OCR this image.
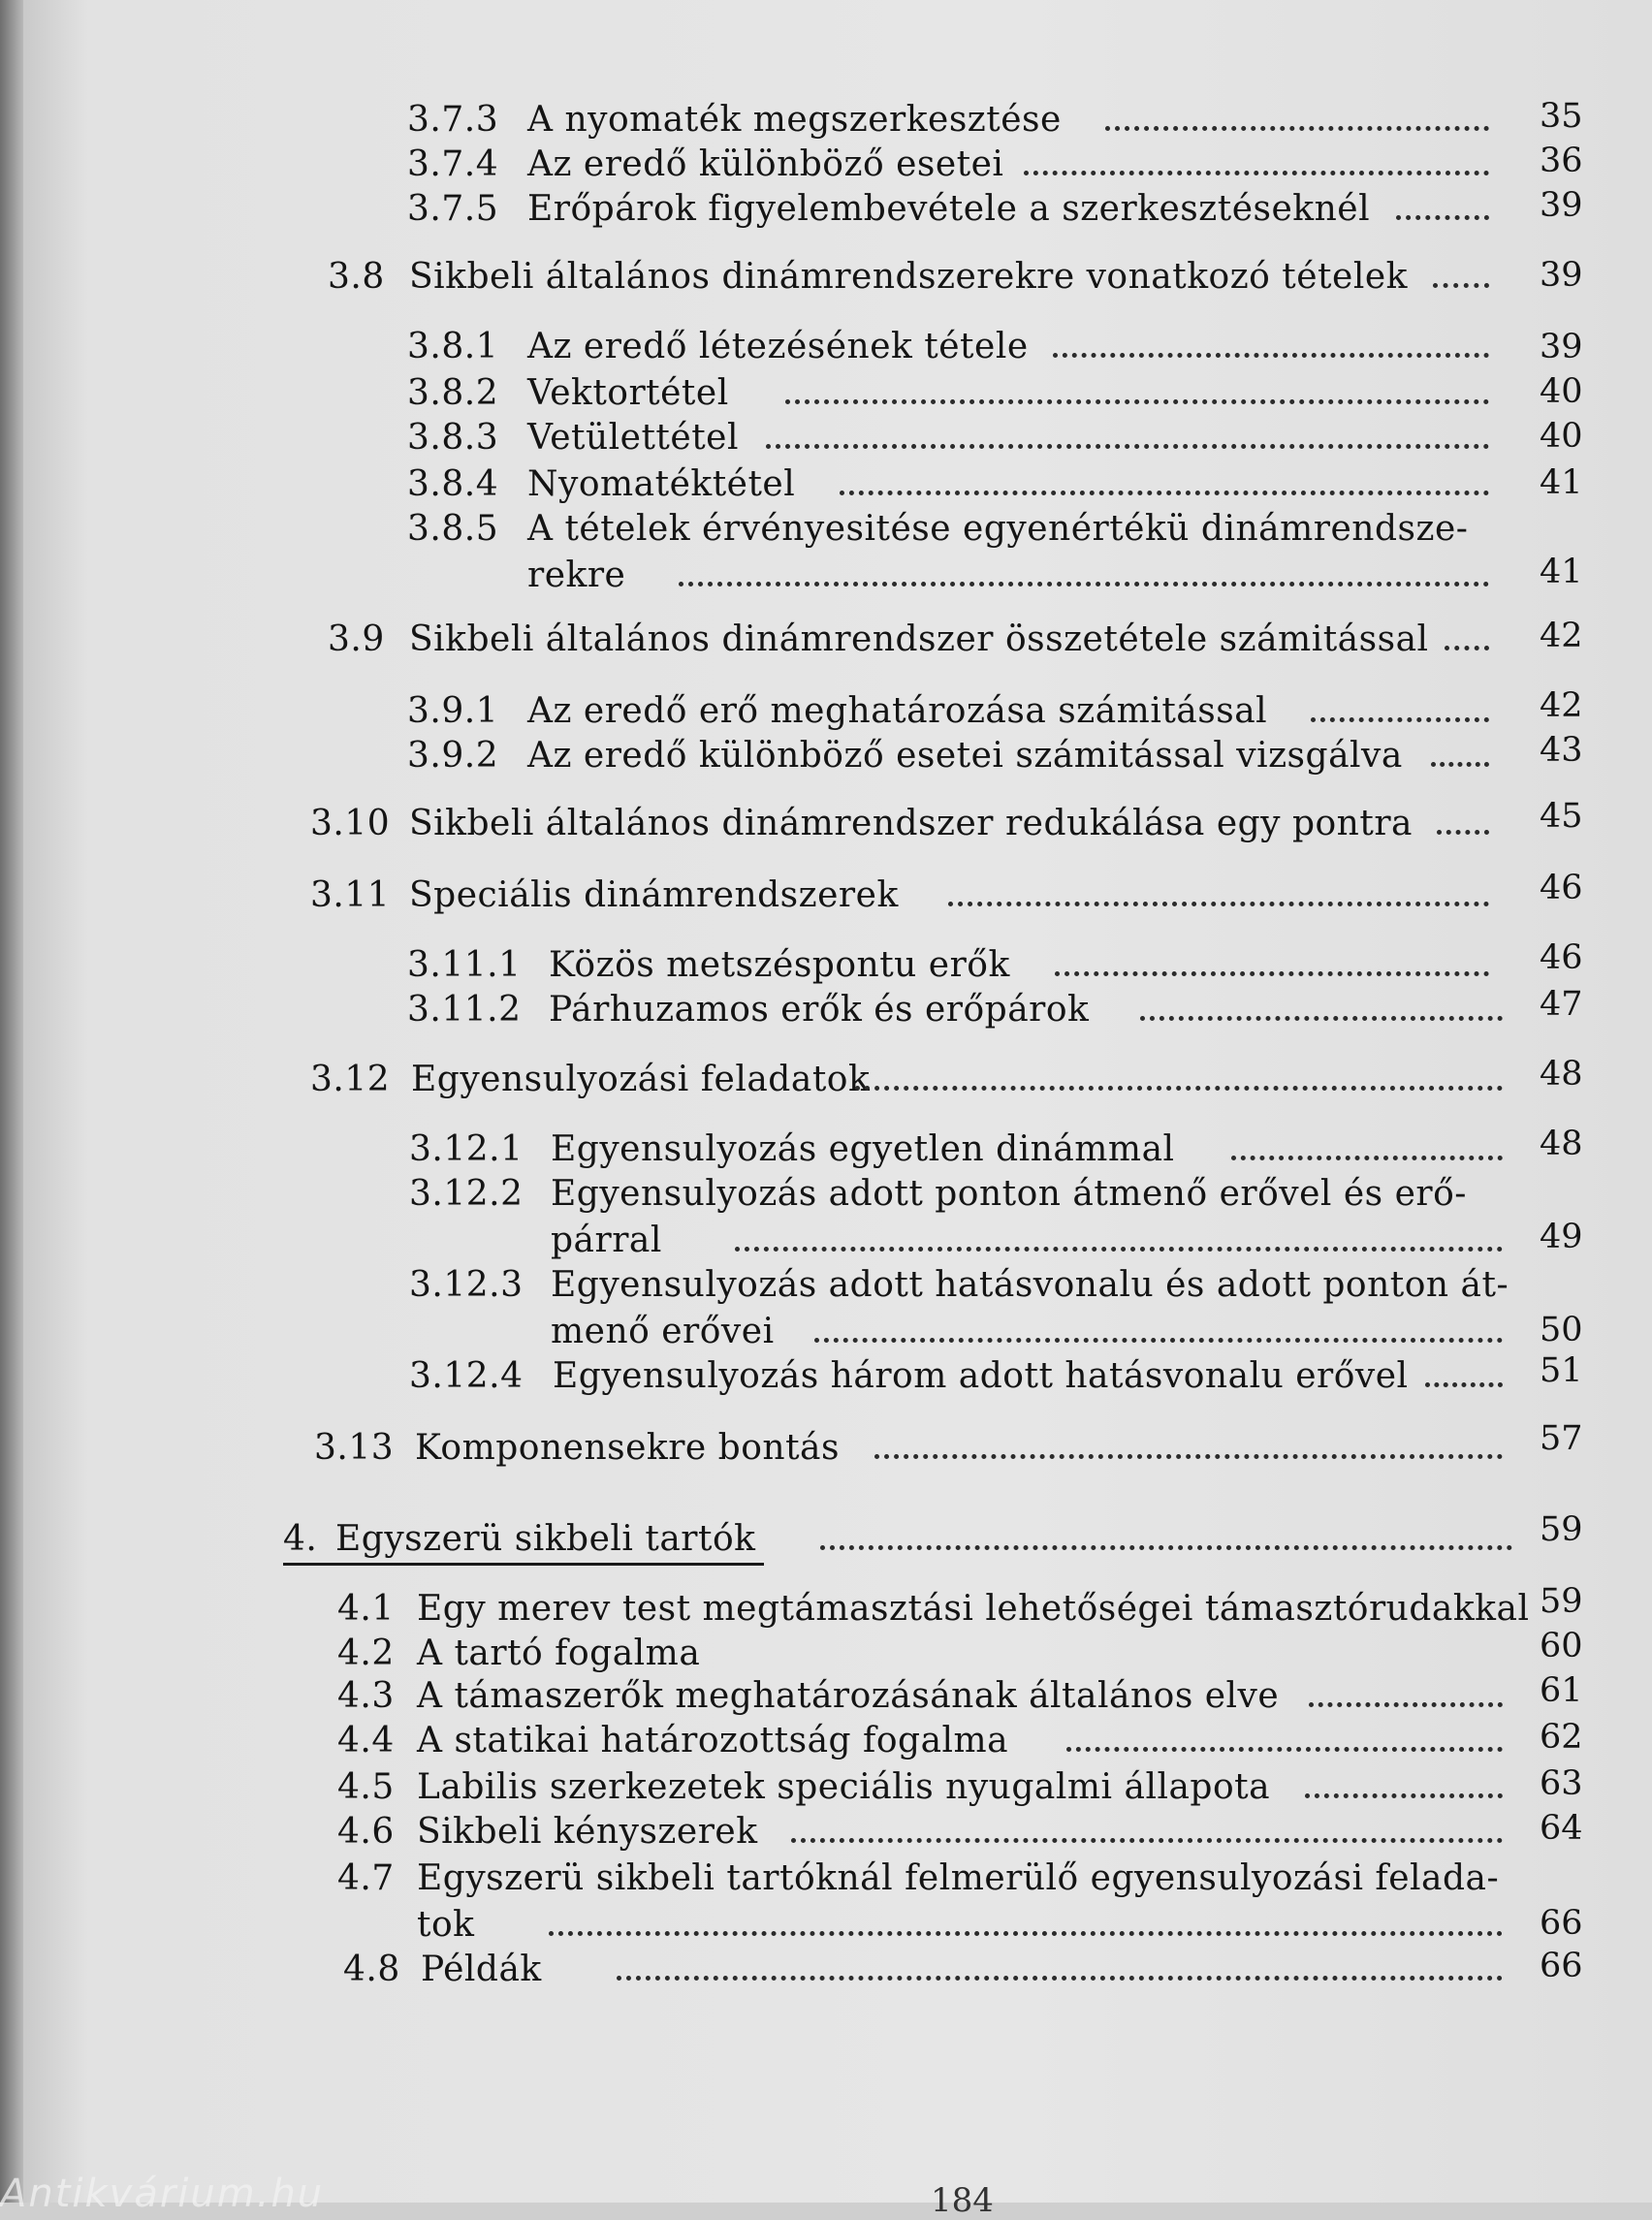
3.7.3 A nyomaték megszerkesztése	35
3.7.4 Az eredő különböző esetei	36
3.7.5 Erőpárok figyelembevétele a szerkesztéseknél	39
3.8 Sikbeli általános dinámrendszerekre vonatkozó tételek	39
3.8.1 Az eredő létezésének tétele	39
3.8.2 Vektortétel	40
3.8.3 Vetülettétel	40
3.8.4 Nyomatéktétel	41
3.8.5 A tételek érvényesitése egyenértékü dinámrendsze-
rekre	41
3.9 Sikbeli általános dinámrendszer összetétele számitással	42
3.9.1 Az eredő erő meghatározása számitással	42
3.9.2 Az eredő különböző esetei számitással vizsgálva	43
3.10 Sikbeli általános dinámrendszer redukálása egy pontra	45
3.11 Speciális dinámrendszerek	46
3.11.1 Közös metszéspontu erők	46
3.11.2 Párhuzamos erők és erőpárok	47
3.12 Egyensulyozási feladatok	48
3.12.1 Egyensulyozás egyetlen dinámmal	48
3.12.2 Egyensulyozás adott ponton átmenő erővel és erő-
párral	49
3.12.3 Egyensulyozás adott hatásvonalu és adott ponton át-
menő erővei	50
3.12.4 Egyensulyozás három adott hatásvonalu erővel	51
3.13 Komponensekre bontás	57
4. Egyszerü sikbeli tartók	59
4.1 Egy merev test megtámasztási lehetőségei támasztórudakkal 59
4.2 A tartó fogalma	60
4.3 A támaszerők meghatározásának általános elve	61
4.4 A statikai határozottság fogalma	62
4.5 Labilis szerkezetek speciális nyugalmi állapota	63
4.6 Sikbeli kényszerek	64
4.7 Egyszerü sikbeli tartóknál felmerülő egyensulyozási felada-
tok	66
4.8 Példák	66
184
Antikvárium.hu
